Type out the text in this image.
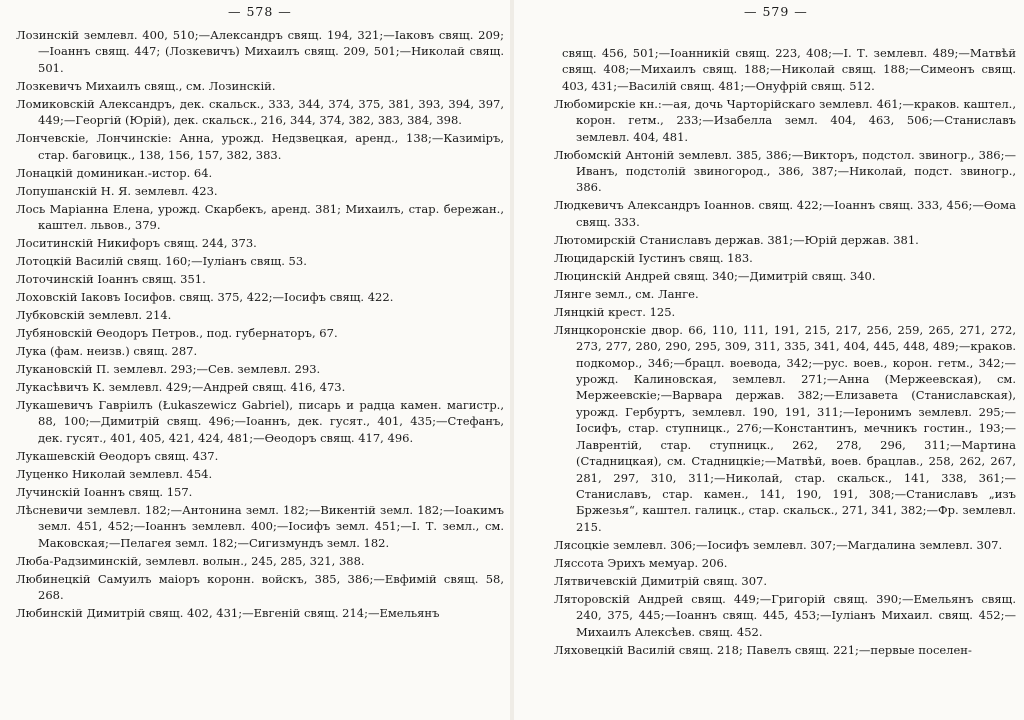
— 578 —

Лозинскій землевл. 400, 510;—Александръ свящ. 194, 321;—Іаковъ свящ. 209;—Іоаннъ свящ. 447; (Лозкевичъ) Михаилъ свящ. 209, 501;—Николай свящ. 501.

Лозкевичъ Михаилъ свящ., см. Лозинскій.

Ломиковскій Александръ, дек. скальск., 333, 344, 374, 375, 381, 393, 394, 397, 449;—Георгій (Юрій), дек. скальск., 216, 344, 374, 382, 383, 384, 398.

Лончевскіе, Лончинскіе: Анна, урожд. Недзвецкая, аренд., 138;—Казиміръ, стар. баговицк., 138, 156, 157, 382, 383.

Лонацкій доминикан.-истор. 64.

Лопушанскій Н. Я. землевл. 423.

Лось Маріанна Елена, урожд. Скарбекъ, аренд. 381; Михаилъ, стар. бережан., каштел. львов., 379.

Лоситинскій Никифоръ свящ. 244, 373.

Лотоцкій Василій свящ. 160;—Іуліанъ свящ. 53.

Лоточинскій Іоаннъ свящ. 351.

Лоховскій Іаковъ Іосифов. свящ. 375, 422;—Іосифъ свящ. 422.

Лубковскій землевл. 214.

Лубяновскій Ѳеодоръ Петров., под. губернаторъ, 67.

Лука (фам. неизв.) свящ. 287.

Лукановскій П. землевл. 293;—Сев. землевл. 293.

Лукасѣвичъ К. землевл. 429;—Андрей свящ. 416, 473.

Лукашевичъ Гавріилъ (Łukaszewicz Gabriel), писарь и радца камен. магистр., 88, 100;—Димитрій свящ. 496;—Іоаннъ, дек. гусят., 401, 435;—Стефанъ, дек. гусят., 401, 405, 421, 424, 481;—Ѳеодоръ свящ. 417, 496.

Лукашевскій Ѳеодоръ свящ. 437.

Луценко Николай землевл. 454.

Лучинскій Іоаннъ свящ. 157.

Лѣсневичи землевл. 182;—Антонина земл. 182;—Викентій земл. 182;—Іоакимъ земл. 451, 452;—Іоаннъ землевл. 400;—Іосифъ земл. 451;—І. Т. земл., см. Маковская;—Пелагея земл. 182;—Сигизмундъ земл. 182.

Люба-Радзиминскій, землевл. волын., 245, 285, 321, 388.

Любинецкій Самуилъ маіоръ коронн. войскъ, 385, 386;—Евфимій свящ. 58, 268.

Любинскій Димитрій свящ. 402, 431;—Евгеній свящ. 214;—Емельянъ

— 579 —

свящ. 456, 501;—Іоанникій свящ. 223, 408;—І. Т. землевл. 489;—Матвѣй свящ. 408;—Михаилъ свящ. 188;—Николай свящ. 188;—Симеонъ свящ. 403, 431;—Василій свящ. 481;—Онуфрій свящ. 512.

Любомирскіе кн.:—ая, дочь Чарторійскаго землевл. 461;—краков. каштел., корон. гетм., 233;—Изабелла земл. 404, 463, 506;—Станиславъ землевл. 404, 481.

Любомскій Антоній землевл. 385, 386;—Викторъ, подстол. звиногр., 386;—Иванъ, подстолій звиногород., 386, 387;—Николай, подст. звиногр., 386.

Людкевичъ Александръ Іоаннов. свящ. 422;—Іоаннъ свящ. 333, 456;—Ѳома свящ. 333.

Лютомирскій Станиславъ держав. 381;—Юрій держав. 381.

Люцидарскій Іустинъ свящ. 183.

Люцинскій Андрей свящ. 340;—Димитрій свящ. 340.

Лянге земл., см. Ланге.

Лянцкій крест. 125.

Лянцкоронскіе двор. 66, 110, 111, 191, 215, 217, 256, 259, 265, 271, 272, 273, 277, 280, 290, 295, 309, 311, 335, 341, 404, 445, 448, 489;—краков. подкомор., 346;—брацл. воевода, 342;—рус. воев., корон. гетм., 342;—урожд. Калиновская, землевл. 271;—Анна (Мержеевская), см. Мержеевскіе;—Варвара держав. 382;—Елизавета (Станиславская), урожд. Гербуртъ, землевл. 190, 191, 311;—Іеронимъ землевл. 295;—Іосифъ, стар. ступницк., 276;—Константинъ, мечникъ гостин., 193;—Лаврентій, стар. ступницк., 262, 278, 296, 311;—Мартина (Стадницкая), см. Стадницкіе;—Матвѣй, воев. брацлав., 258, 262, 267, 281, 297, 310, 311;—Николай, стар. скальск., 141, 338, 361;—Станиславъ, стар. камен., 141, 190, 191, 308;—Станиславъ „изъ Бржезья“, каштел. галицк., стар. скальск., 271, 341, 382;—Фр. землевл. 215.

Лясоцкіе землевл. 306;—Іосифъ землевл. 307;—Магдалина землевл. 307.

Ляссота Эрихъ мемуар. 206.

Лятвичевскій Димитрій свящ. 307.

Ляторовскій Андрей свящ. 449;—Григорій свящ. 390;—Емельянъ свящ. 240, 375, 445;—Іоаннъ свящ. 445, 453;—Іуліанъ Михаил. свящ. 452;—Михаилъ Алексѣев. свящ. 452.

Ляховецкій Василій свящ. 218; Павелъ свящ. 221;—первые поселен-
